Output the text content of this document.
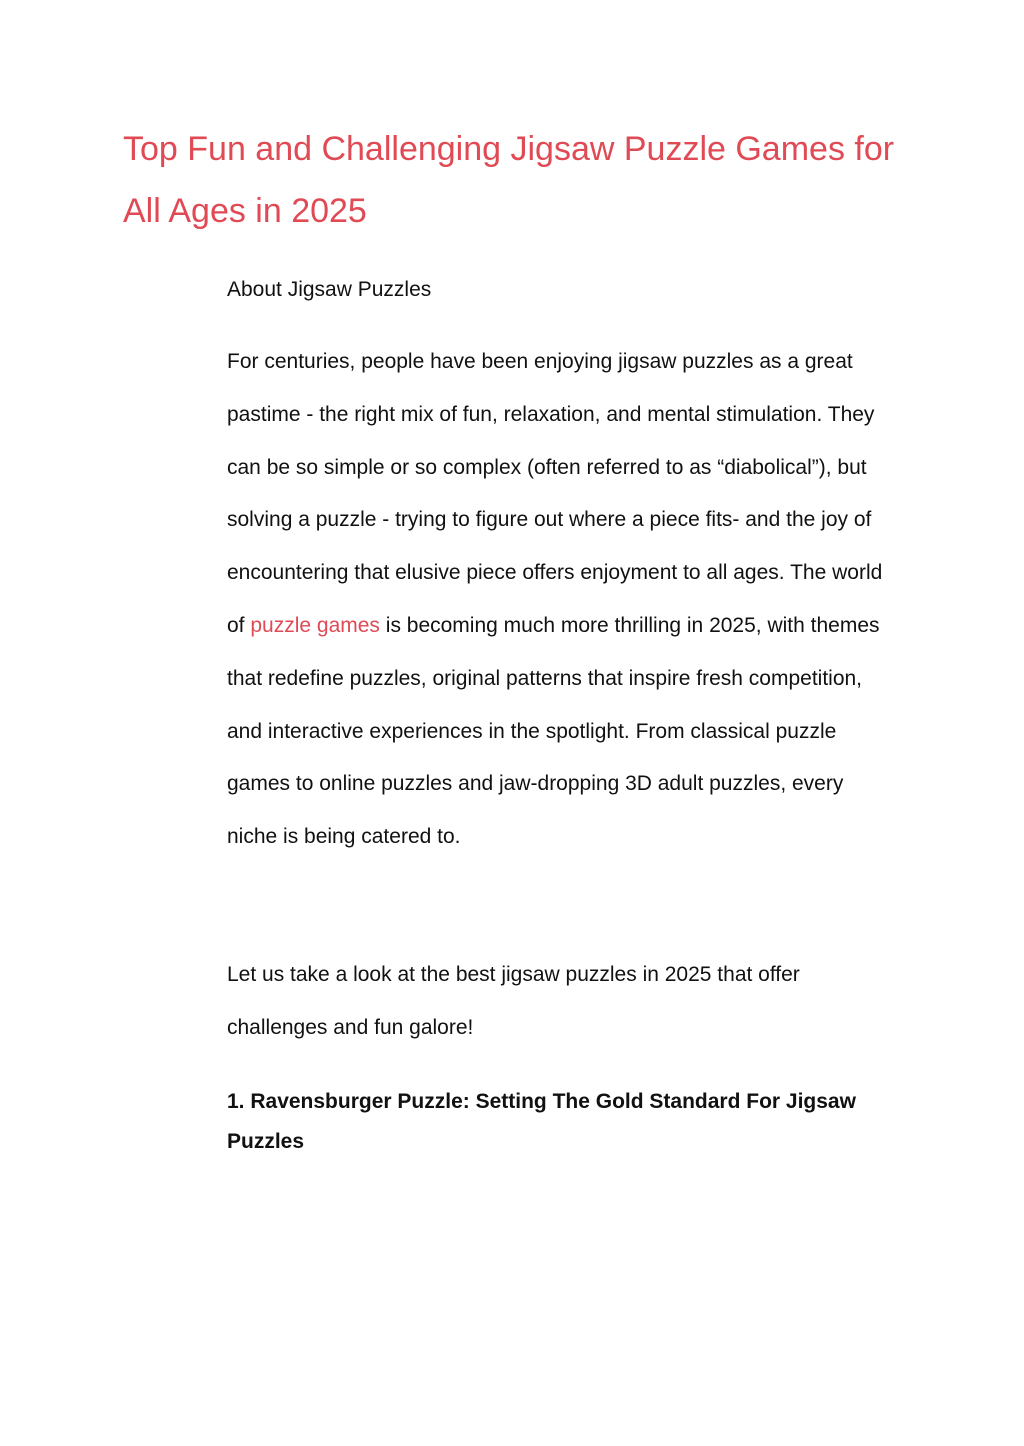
Top Fun and Challenging Jigsaw Puzzle Games for All Ages in 2025

About Jigsaw Puzzles

For centuries, people have been enjoying jigsaw puzzles as a great pastime - the right mix of fun, relaxation, and mental stimulation. They can be so simple or so complex (often referred to as “diabolical”), but solving a puzzle - trying to figure out where a piece fits- and the joy of encountering that elusive piece offers enjoyment to all ages. The world of puzzle games is becoming much more thrilling in 2025, with themes that redefine puzzles, original patterns that inspire fresh competition, and interactive experiences in the spotlight. From classical puzzle games to online puzzles and jaw-dropping 3D adult puzzles, every niche is being catered to.

Let us take a look at the best jigsaw puzzles in 2025 that offer challenges and fun galore!

1. Ravensburger Puzzle: Setting The Gold Standard For Jigsaw Puzzles
